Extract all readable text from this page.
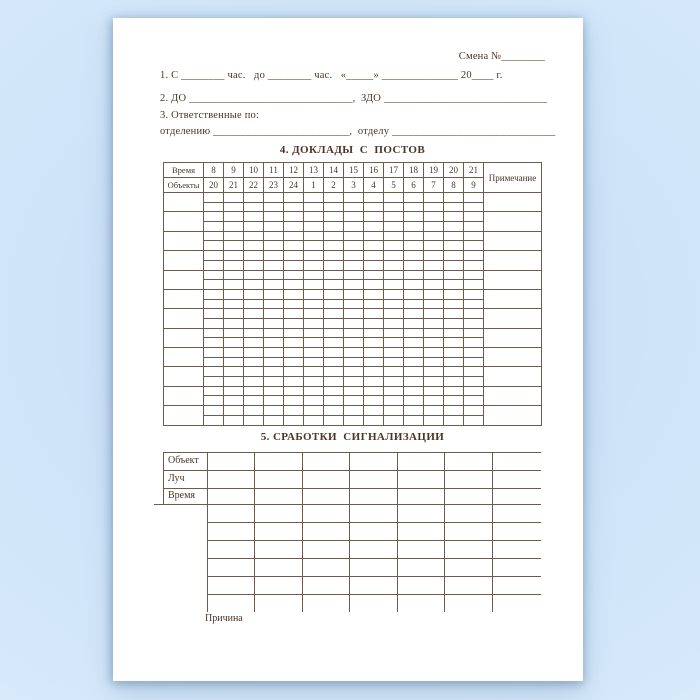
Смена №________
1. С ________ час.   до ________ час.   «_____» ______________ 20____ г.
2. ДО ______________________________,  ЗДО ______________________________
3. Ответственные по:
отделению _________________________,  отделу ______________________________
4. ДОКЛАДЫ  С  ПОСТОВ
Время	8	9	10	11	12	13	14	15	16	17	18	19	20	21	Примечание
Объекты	20	21	22	23	24	1	2	3	4	5	6	7	8	9	

5. СРАБОТКИ  СИГНАЛИЗАЦИИ
Объект
Луч
Время
Причина
